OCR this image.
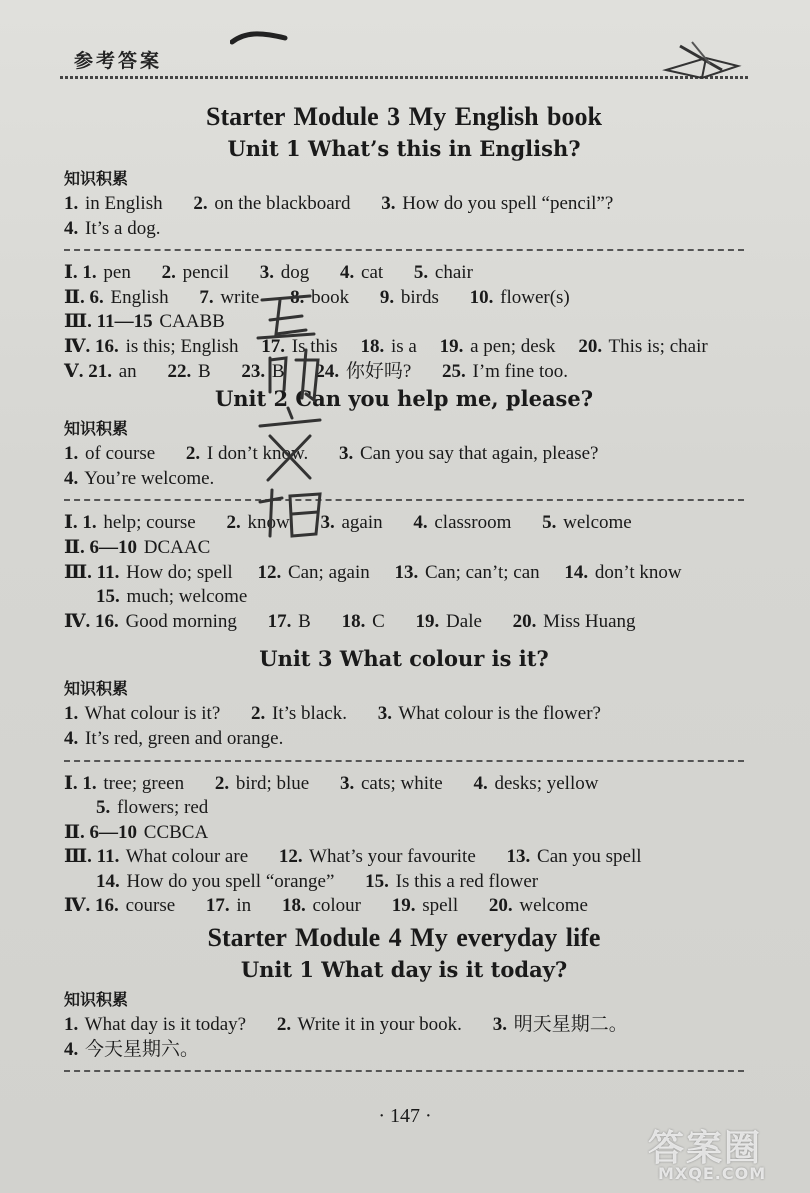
参考答案
Starter Module 3 My English book
Unit 1 What’s this in English?
知识积累
1. in English 2. on the blackboard 3. How do you spell “pencil”?
4. It’s a dog.
Ⅰ. 1. pen 2. pencil 3. dog 4. cat 5. chair
Ⅱ. 6. English 7. write 8. book 9. birds 10. flower(s)
Ⅲ. 11—15 CAABB
Ⅳ. 16. is this; English 17. Is this 18. is a 19. a pen; desk 20. This is; chair
Ⅴ. 21. an 22. B 23. B 24. 你好吗? 25. I’m fine too.
Unit 2 Can you help me, please?
知识积累
1. of course 2. I don’t know. 3. Can you say that again, please?
4. You’re welcome.
Ⅰ. 1. help; course 2. know 3. again 4. classroom 5. welcome
Ⅱ. 6—10 DCAAC
Ⅲ. 11. How do; spell 12. Can; again 13. Can; can’t; can 14. don’t know
15. much; welcome
Ⅳ. 16. Good morning 17. B 18. C 19. Dale 20. Miss Huang
Unit 3 What colour is it?
知识积累
1. What colour is it? 2. It’s black. 3. What colour is the flower?
4. It’s red, green and orange.
Ⅰ. 1. tree; green 2. bird; blue 3. cats; white 4. desks; yellow
5. flowers; red
Ⅱ. 6—10 CCBCA
Ⅲ. 11. What colour are 12. What’s your favourite 13. Can you spell
14. How do you spell “orange” 15. Is this a red flower
Ⅳ. 16. course 17. in 18. colour 19. spell 20. welcome
Starter Module 4 My everyday life
Unit 1 What day is it today?
知识积累
1. What day is it today? 2. Write it in your book. 3. 明天星期二。
4. 今天星期六。
· 147 ·
答案圈
MXQE.COM
